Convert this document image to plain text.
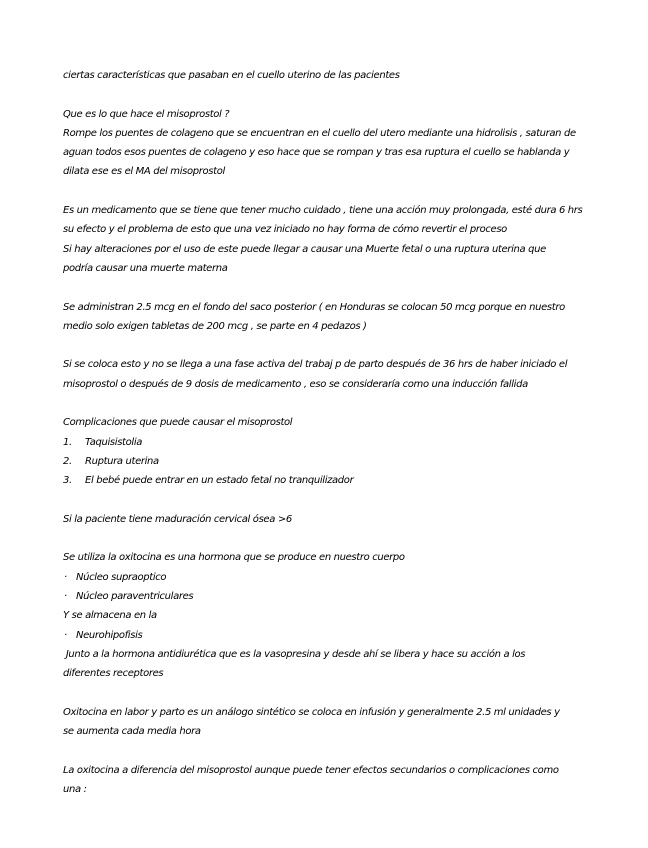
ciertas características que pasaban en el cuello uterino de las pacientes
Que es lo que hace el misoprostol ?
Rompe los puentes de colageno que se encuentran en el cuello del utero mediante una hidrolisis , saturan de
aguan todos esos puentes de colageno y eso hace que se rompan y tras esa ruptura el cuello se hablanda y
dilata ese es el MA del misoprostol
Es un medicamento que se tiene que tener mucho cuidado , tiene una acción muy prolongada, esté dura 6 hrs
su efecto y el problema de esto que una vez iniciado no hay forma de cómo revertir el proceso
Si hay alteraciones por el uso de este puede llegar a causar una Muerte fetal o una ruptura uterina que
podría causar una muerte materna
Se administran 2.5 mcg en el fondo del saco posterior ( en Honduras se colocan 50 mcg porque en nuestro
medio solo exigen tabletas de 200 mcg , se parte en 4 pedazos )
Si se coloca esto y no se llega a una fase activa del trabaj p de parto después de 36 hrs de haber iniciado el
misoprostol o después de 9 dosis de medicamento , eso se consideraría como una inducción fallida
Complicaciones que puede causar el misoprostol
1. Taquisistolia
2. Ruptura uterina
3. El bebé puede entrar en un estado fetal no tranquilizador
Si la paciente tiene maduración cervical ósea >6
Se utiliza la oxitocina es una hormona que se produce en nuestro cuerpo
· Núcleo supraoptico
· Núcleo paraventriculares
Y se almacena en la
· Neurohipofisis
Junto a la hormona antidiurética que es la vasopresina y desde ahí se libera y hace su acción a los
diferentes receptores
Oxitocina en labor y parto es un análogo sintético se coloca en infusión y generalmente 2.5 ml unidades y
se aumenta cada media hora
La oxitocina a diferencia del misoprostol aunque puede tener efectos secundarios o complicaciones como
una :
